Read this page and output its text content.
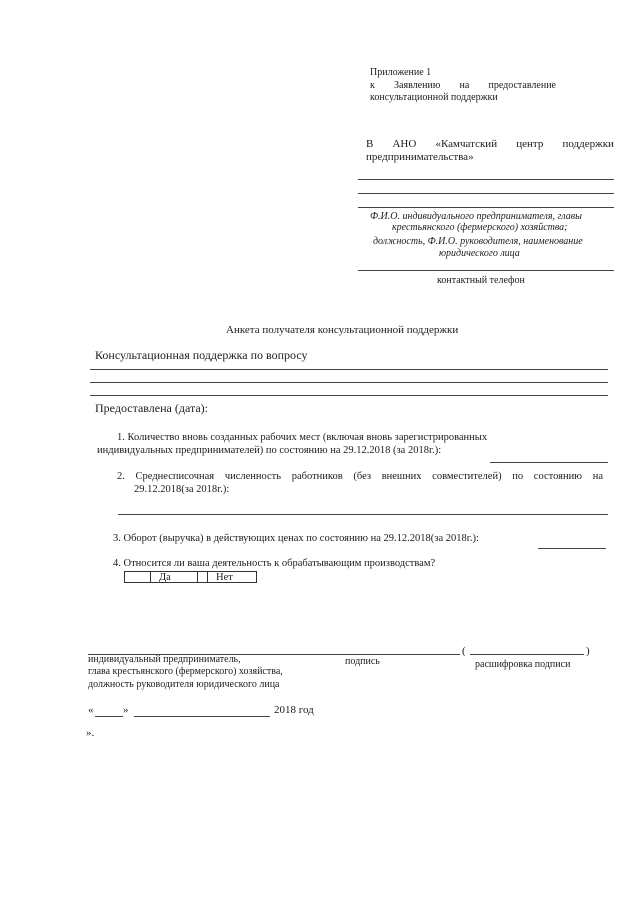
Приложение 1
к Заявлению на предоставление
консультационной поддержки
В АНО «Камчатский центр поддержки
предпринимательства»
Ф.И.О. индивидуального предпринимателя, главы
крестьянского (фермерского) хозяйства;
должность, Ф.И.О. руководителя, наименование
юридического лица
контактный телефон
Анкета получателя консультационной поддержки
Консультационная поддержка по вопросу
Предоставлена (дата):
1. Количество вновь созданных рабочих мест (включая вновь зарегистрированных
индивидуальных предпринимателей) по состоянию на 29.12.2018 (за 2018г.):
2. Среднесписочная численность работников (без внешних совместителей) по состоянию на
29.12.2018(за 2018г.):
3. Оборот (выручка) в действующих ценах по состоянию на 29.12.2018(за 2018г.):
4. Относится ли ваша деятельность к обрабатывающим производствам?
Да	Нет
(	)
индивидуальный предприниматель,	подпись	расшифровка подписи
глава крестьянского (фермерского) хозяйства,
должность руководителя юридического лица
«	»	2018 год
».
